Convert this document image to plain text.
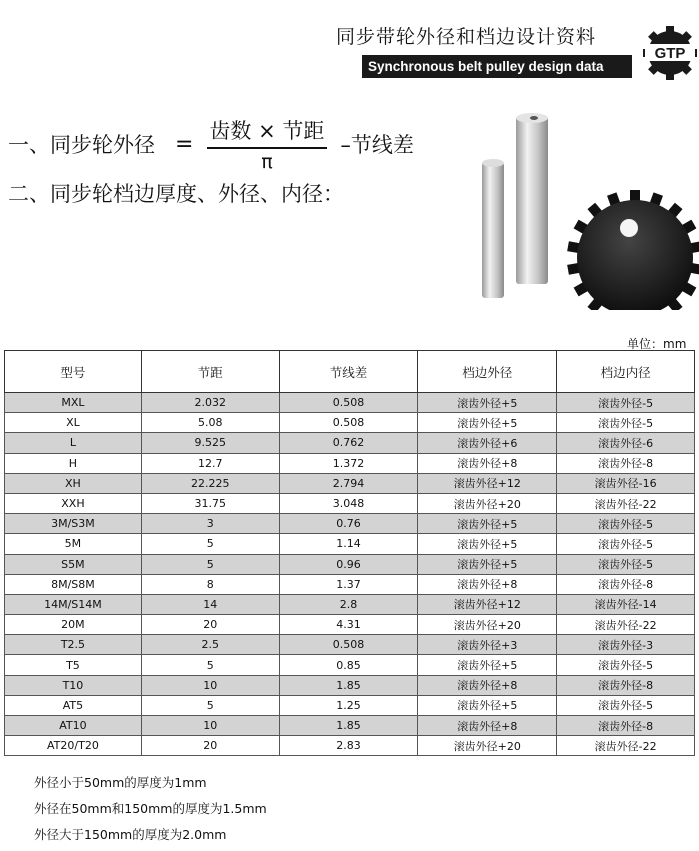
同步带轮外径和档边设计资料
Synchronous belt pulley design data
GTP
一、同步轮外径 = $\frac{\text{齿数 × 节距}}{\pi}$ –节线差
二、同步轮档边厚度、外径、内径：
单位：mm
型号	节距	节线差	档边外径	档边内径
MXL	2.032	0.508	滚齿外径+5	滚齿外径-5
XL	5.08	0.508	滚齿外径+5	滚齿外径-5
L	9.525	0.762	滚齿外径+6	滚齿外径-6
H	12.7	1.372	滚齿外径+8	滚齿外径-8
XH	22.225	2.794	滚齿外径+12	滚齿外径-16
XXH	31.75	3.048	滚齿外径+20	滚齿外径-22
3M/S3M	3	0.76	滚齿外径+5	滚齿外径-5
5M	5	1.14	滚齿外径+5	滚齿外径-5
S5M	5	0.96	滚齿外径+5	滚齿外径-5
8M/S8M	8	1.37	滚齿外径+8	滚齿外径-8
14M/S14M	14	2.8	滚齿外径+12	滚齿外径-14
20M	20	4.31	滚齿外径+20	滚齿外径-22
T2.5	2.5	0.508	滚齿外径+3	滚齿外径-3
T5	5	0.85	滚齿外径+5	滚齿外径-5
T10	10	1.85	滚齿外径+8	滚齿外径-8
AT5	5	1.25	滚齿外径+5	滚齿外径-5
AT10	10	1.85	滚齿外径+8	滚齿外径-8
AT20/T20	20	2.83	滚齿外径+20	滚齿外径-22
外径小于50mm的厚度为1mm
外径在50mm和150mm的厚度为1.5mm
外径大于150mm的厚度为2.0mm
